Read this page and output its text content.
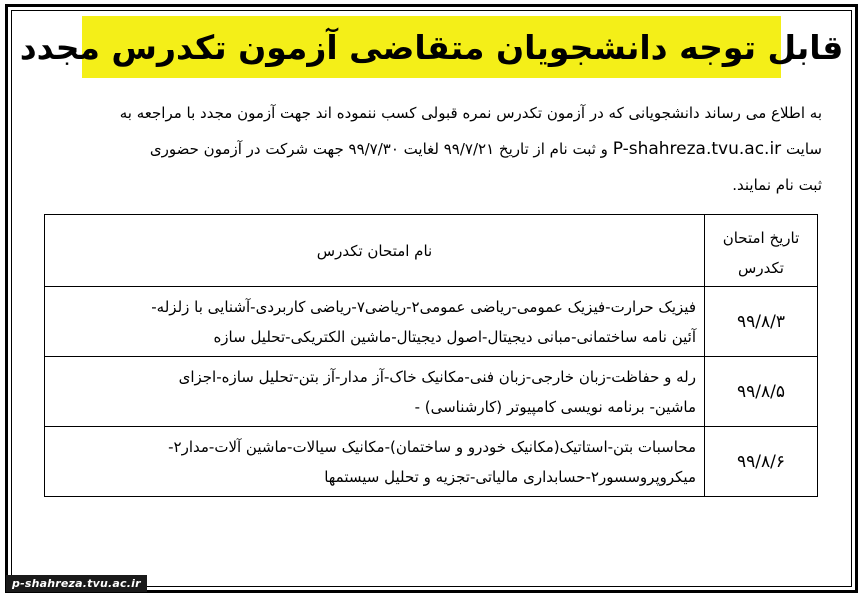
قابل توجه دانشجویان متقاضی آزمون تکدرس مجدد
به اطلاع می رساند دانشجویانی که در آزمون تکدرس نمره قبولی کسب ننموده اند جهت آزمون مجدد با مراجعه به
سایت P-shahreza.tvu.ac.ir و ثبت نام از تاریخ ۹۹/۷/۲۱ لغایت ۹۹/۷/۳۰ جهت شرکت در آزمون حضوری
ثبت نام نمایند.
تاریخ امتحان
تکدرس	نام امتحان تکدرس
۹۹/۸/۳	فیزیک حرارت-فیزیک عمومی-ریاضی عمومی۲-ریاضی۷-ریاضی کاربردی-آشنایی با زلزله-
آئین نامه ساختمانی-مبانی دیجیتال-اصول دیجیتال-ماشین الکتریکی-تحلیل سازه

۹۹/۸/۵	رله و حفاظت-زبان خارجی-زبان فنی-مکانیک خاک-آز مدار-آز بتن-تحلیل سازه-اجزای
ماشین- برنامه نویسی کامپیوتر (کارشناسی) -

۹۹/۸/۶	محاسبات بتن-استاتیک(مکانیک خودرو و ساختمان)-مکانیک سیالات-ماشین آلات-مدار۲-
میکروپروسسور۲-حسابداری مالیاتی-تجزیه و تحلیل سیستمها
p-shahreza.tvu.ac.ir
